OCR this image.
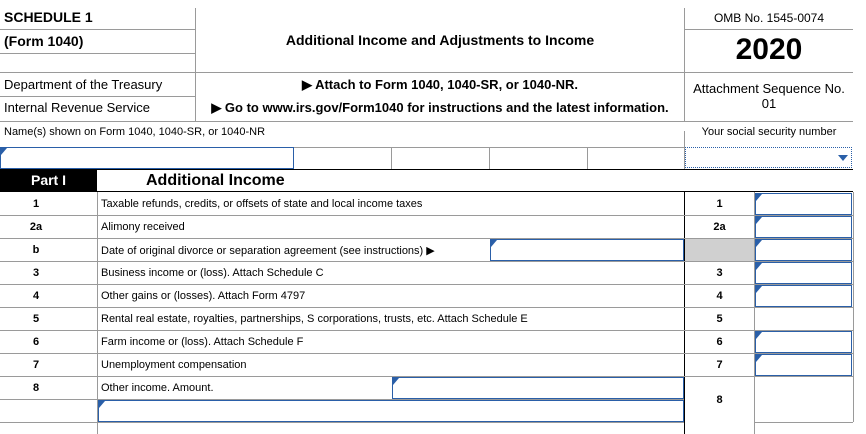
SCHEDULE 1
(Form 1040)	Additional Income and Adjustments to Income
OMB No. 1545-0074
2020
Department of the Treasury
Internal Revenue Service
▶ Attach to Form 1040, 1040-SR, or 1040-NR.
▶ Go to www.irs.gov/Form1040 for instructions and the latest information.
Attachment Sequence No.
01
Name(s) shown on Form 1040, 1040-SR, or 1040-NR	Your social security number
Part I	Additional Income
1	Taxable refunds, credits, or offsets of state and local income taxes	1
2a	Alimony received	2a
b	Date of original divorce or separation agreement (see instructions) ▶
3	Business income or (loss). Attach Schedule C	3
4	Other gains or (losses). Attach Form 4797	4
5	Rental real estate, royalties, partnerships, S corporations, trusts, etc. Attach Schedule E	5
6	Farm income or (loss). Attach Schedule F	6
7	Unemployment compensation	7
8	Other income. Amount.
8
